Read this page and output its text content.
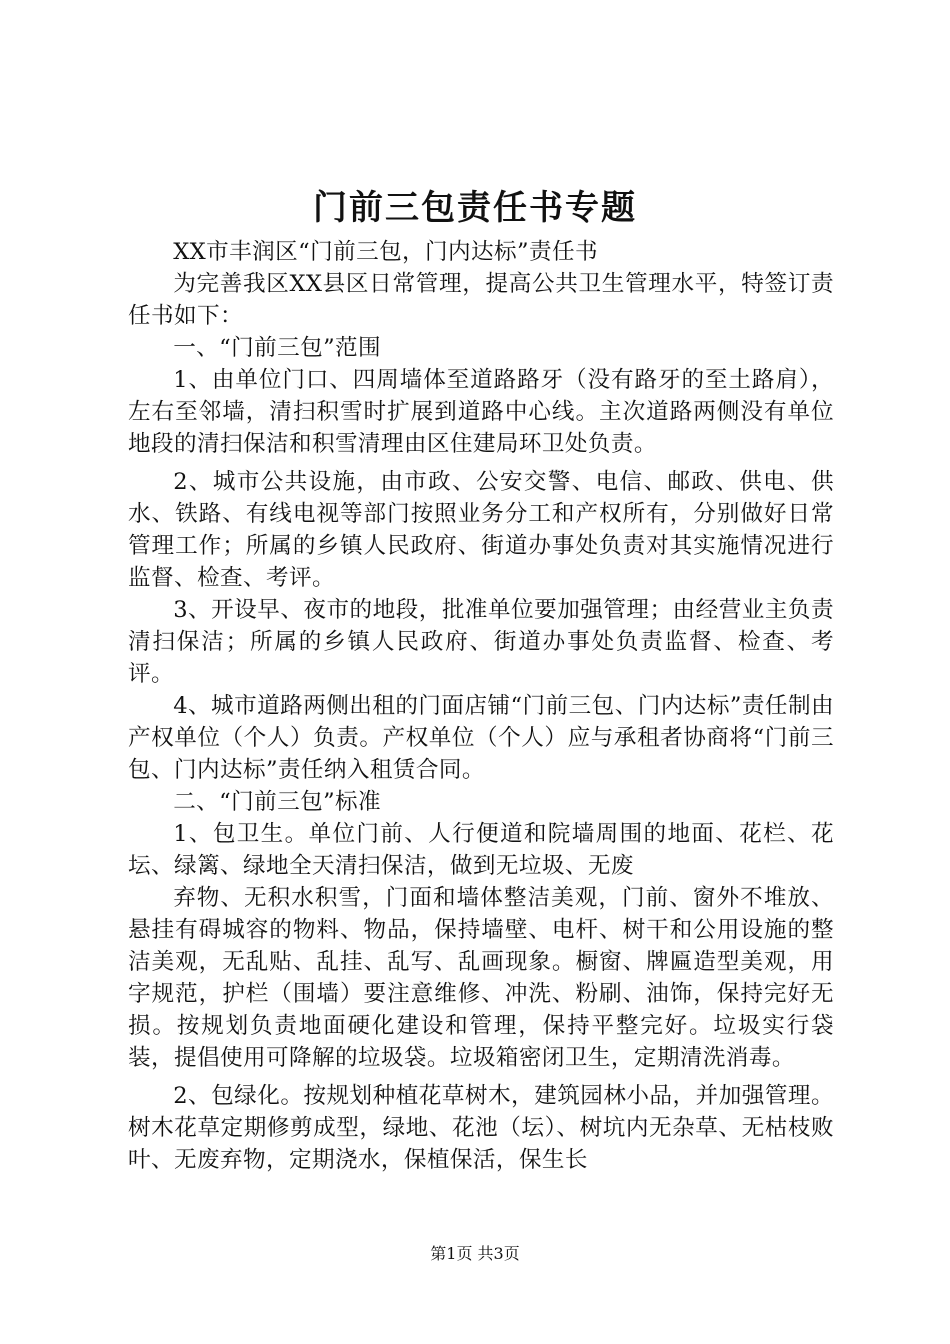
门前三包责任书专题

XX市丰润区“门前三包，门内达标”责任书

为完善我区XX县区日常管理，提高公共卫生管理水平，特签订责任书如下：

一、“门前三包”范围

1、由单位门口、四周墙体至道路路牙（没有路牙的至土路肩），左右至邻墙，清扫积雪时扩展到道路中心线。主次道路两侧没有单位地段的清扫保洁和积雪清理由区住建局环卫处负责。

2、城市公共设施，由市政、公安交警、电信、邮政、供电、供水、铁路、有线电视等部门按照业务分工和产权所有，分别做好日常管理工作；所属的乡镇人民政府、街道办事处负责对其实施情况进行监督、检查、考评。

3、开设早、夜市的地段，批准单位要加强管理；由经营业主负责清扫保洁；所属的乡镇人民政府、街道办事处负责监督、检查、考评。

4、城市道路两侧出租的门面店铺“门前三包、门内达标”责任制由产权单位（个人）负责。产权单位（个人）应与承租者协商将“门前三包、门内达标”责任纳入租赁合同。

二、“门前三包”标准

1、包卫生。单位门前、人行便道和院墙周围的地面、花栏、花坛、绿篱、绿地全天清扫保洁，做到无垃圾、无废

弃物、无积水积雪，门面和墙体整洁美观，门前、窗外不堆放、悬挂有碍城容的物料、物品，保持墙壁、电杆、树干和公用设施的整洁美观，无乱贴、乱挂、乱写、乱画现象。橱窗、牌匾造型美观，用字规范，护栏（围墙）要注意维修、冲洗、粉刷、油饰，保持完好无损。按规划负责地面硬化建设和管理，保持平整完好。垃圾实行袋装，提倡使用可降解的垃圾袋。垃圾箱密闭卫生，定期清洗消毒。

2、包绿化。按规划种植花草树木，建筑园林小品，并加强管理。树木花草定期修剪成型，绿地、花池（坛）、树坑内无杂草、无枯枝败叶、无废弃物，定期浇水，保植保活，保生长

第1页 共3页
